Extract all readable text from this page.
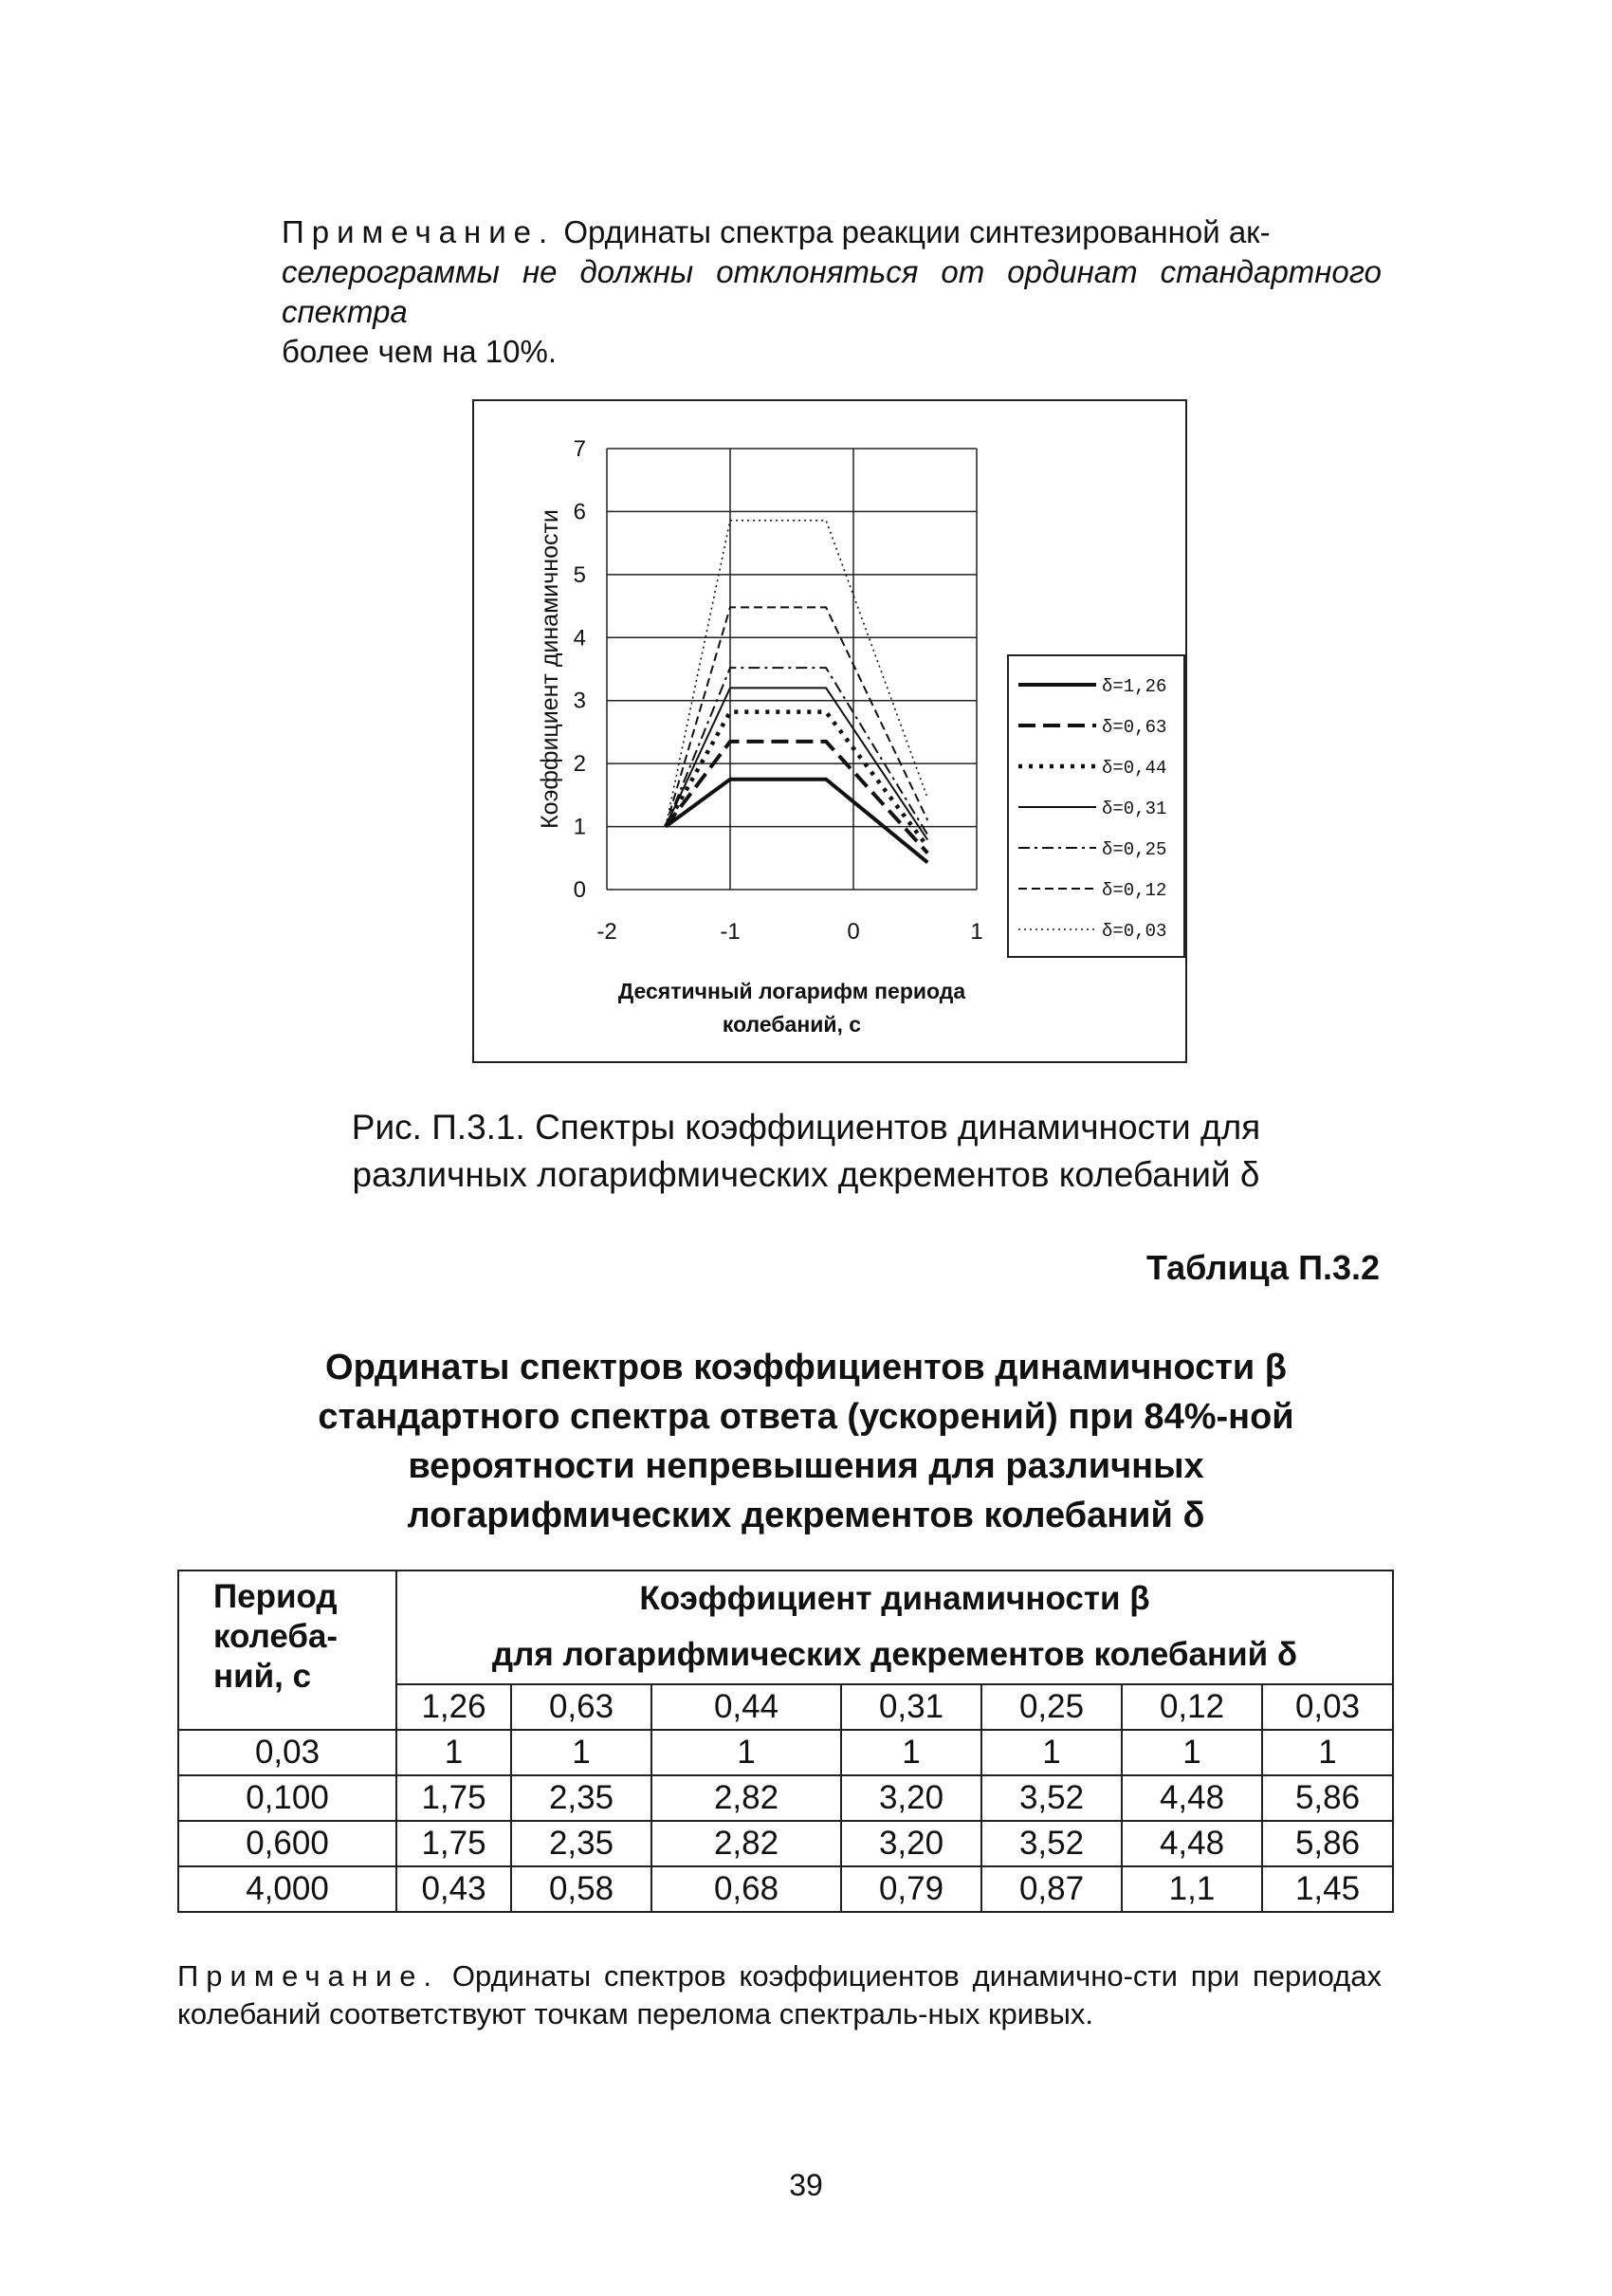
Примечание. Ординаты спектра реакции синтезированной ак-
селерограммы не должны отклоняться от ординат стандартного спектра
более чем на 10%.
0
1
2
3
4
5
6
7
-2	-1	0	1
Коэффициент динамичности
Десятичный логарифм периода
колебаний, с
δ=1,26
δ=0,63
δ=0,44
δ=0,31
δ=0,25
δ=0,12
δ=0,03
Рис. П.3.1. Спектры коэффициентов динамичности для
различных логарифмических декрементов колебаний δ
Таблица П.3.2
Ординаты спектров коэффициентов динамичности β
стандартного спектра ответа (ускорений) при 84%-ной
вероятности непревышения для различных
логарифмических декрементов колебаний δ
Период
колеба-
ний, с	Коэффициент динамичности β						
	для логарифмических декрементов колебаний δ						
	1,26	0,63	0,44	0,31	0,25	0,12	0,03
0,03	1	1	1	1	1	1	1
0,100	1,75	2,35	2,82	3,20	3,52	4,48	5,86
0,600	1,75	2,35	2,82	3,20	3,52	4,48	5,86
4,000	0,43	0,58	0,68	0,79	0,87	1,1	1,45
Примечание. Ординаты спектров коэффициентов динамично-сти при периодах колебаний соответствуют точкам перелома спектраль-ных кривых.
39
